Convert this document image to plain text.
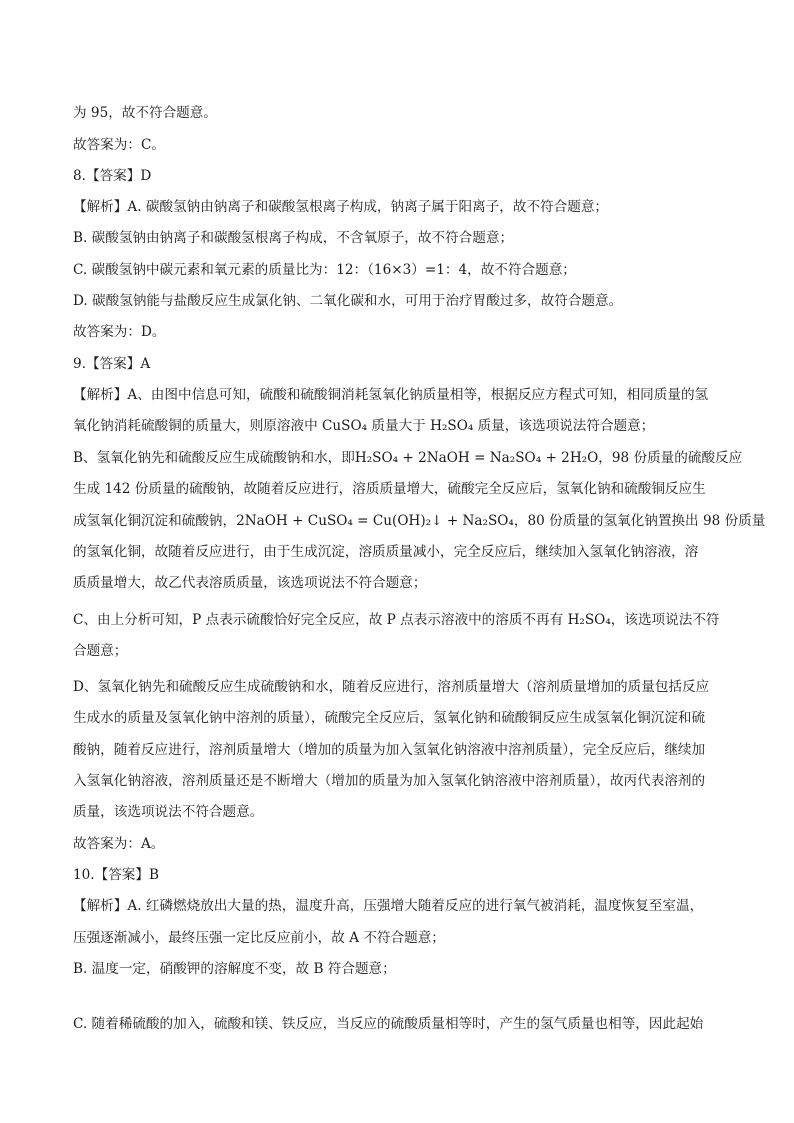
为 95，故不符合题意。
故答案为：C。
8.【答案】D
【解析】A. 碳酸氢钠由钠离子和碳酸氢根离子构成，钠离子属于阳离子，故不符合题意；
B. 碳酸氢钠由钠离子和碳酸氢根离子构成，不含氧原子，故不符合题意；
C. 碳酸氢钠中碳元素和氧元素的质量比为：12：（16×3）=1：4，故不符合题意；
D. 碳酸氢钠能与盐酸反应生成氯化钠、二氧化碳和水，可用于治疗胃酸过多，故符合题意。
故答案为：D。
9.【答案】A
【解析】A、由图中信息可知，硫酸和硫酸铜消耗氢氧化钠质量相等，根据反应方程式可知，相同质量的氢
氧化钠消耗硫酸铜的质量大，则原溶液中 CuSO₄ 质量大于 H₂SO₄ 质量，该选项说法符合题意；
B、氢氧化钠先和硫酸反应生成硫酸钠和水，即H₂SO₄ + 2NaOH = Na₂SO₄ + 2H₂O，98 份质量的硫酸反应
生成 142 份质量的硫酸钠，故随着反应进行，溶质质量增大，硫酸完全反应后，氢氧化钠和硫酸铜反应生
成氢氧化铜沉淀和硫酸钠，2NaOH + CuSO₄ = Cu(OH)₂↓ + Na₂SO₄，80 份质量的氢氧化钠置换出 98 份质量
的氢氧化铜，故随着反应进行，由于生成沉淀，溶质质量减小，完全反应后，继续加入氢氧化钠溶液，溶
质质量增大，故乙代表溶质质量，该选项说法不符合题意；
C、由上分析可知，P 点表示硫酸恰好完全反应，故 P 点表示溶液中的溶质不再有 H₂SO₄，该选项说法不符
合题意；
D、氢氧化钠先和硫酸反应生成硫酸钠和水，随着反应进行，溶剂质量增大（溶剂质量增加的质量包括反应
生成水的质量及氢氧化钠中溶剂的质量），硫酸完全反应后，氢氧化钠和硫酸铜反应生成氢氧化铜沉淀和硫
酸钠，随着反应进行，溶剂质量增大（增加的质量为加入氢氧化钠溶液中溶剂质量），完全反应后，继续加
入氢氧化钠溶液，溶剂质量还是不断增大（增加的质量为加入氢氧化钠溶液中溶剂质量），故丙代表溶剂的
质量，该选项说法不符合题意。
故答案为：A。
10.【答案】B
【解析】A. 红磷燃烧放出大量的热，温度升高，压强增大随着反应的进行氧气被消耗，温度恢复至室温，
压强逐渐减小，最终压强一定比反应前小，故 A 不符合题意；
B. 温度一定，硝酸钾的溶解度不变，故 B 符合题意；
C. 随着稀硫酸的加入，硫酸和镁、铁反应，当反应的硫酸质量相等时，产生的氢气质量也相等，因此起始
